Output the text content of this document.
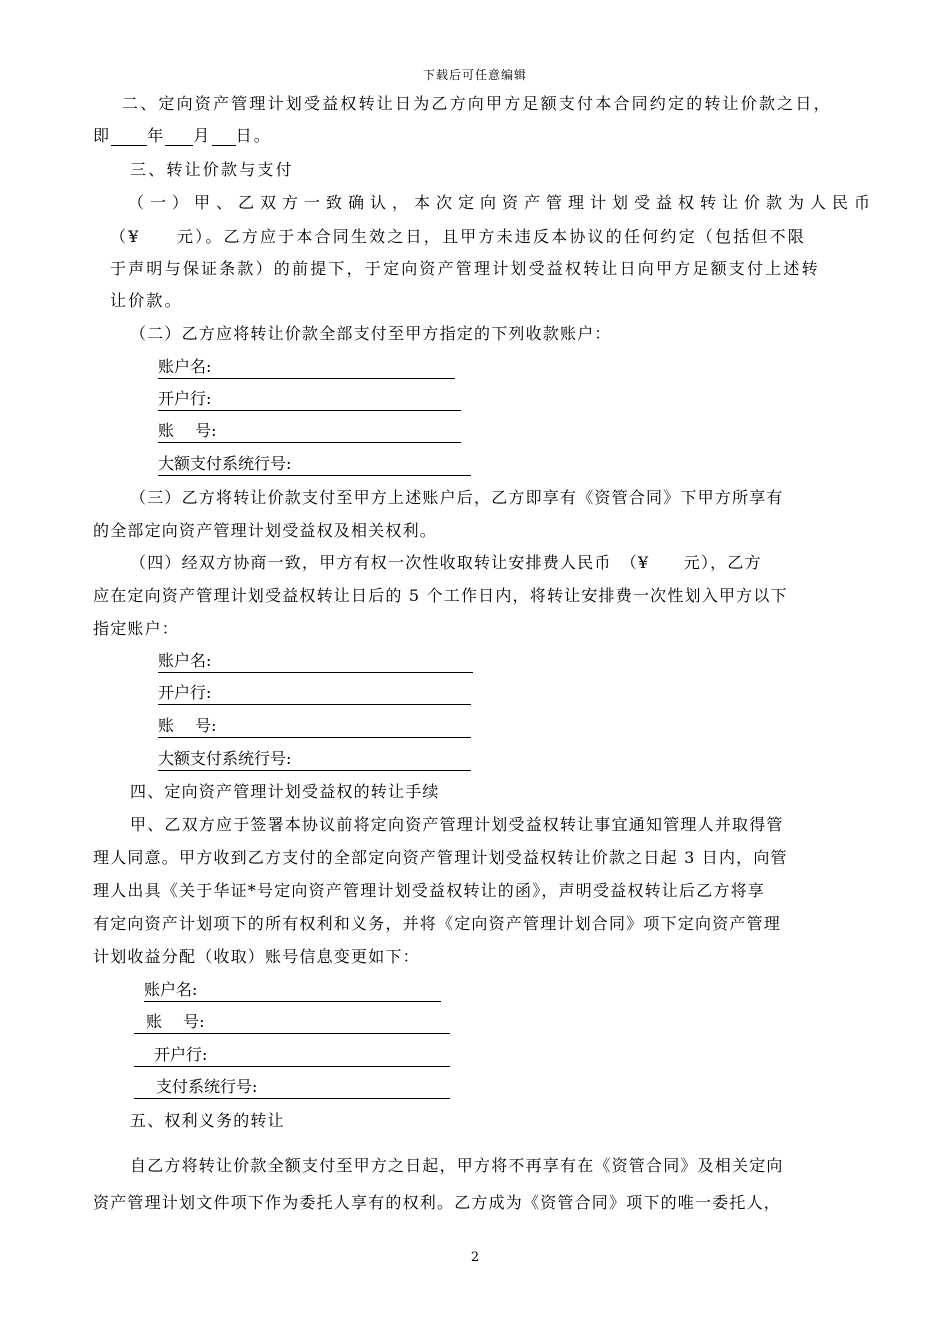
下载后可任意编辑
二、定向资产管理计划受益权转让日为乙方向甲方足额支付本合同约定的转让价款之日，
即 年 月 日。
三、转让价款与支付
（一）甲、乙双方一致确认，本次定向资产管理计划受益权转让价款为人民币
（¥　　元）。乙方应于本合同生效之日，且甲方未违反本协议的任何约定（包括但不限
于声明与保证条款）的前提下，于定向资产管理计划受益权转让日向甲方足额支付上述转
让价款。
（二）乙方应将转让价款全部支付至甲方指定的下列收款账户：
账户名:
开户行:
账　 号:
大额支付系统行号:
（三）乙方将转让价款支付至甲方上述账户后，乙方即享有《资管合同》下甲方所享有
的全部定向资产管理计划受益权及相关权利。
（四）经双方协商一致，甲方有权一次性收取转让安排费人民币　（¥　　元），乙方
应在定向资产管理计划受益权转让日后的 5 个工作日内，将转让安排费一次性划入甲方以下
指定账户：
账户名:
开户行:
账　 号:
大额支付系统行号:
四、定向资产管理计划受益权的转让手续
甲、乙双方应于签署本协议前将定向资产管理计划受益权转让事宜通知管理人并取得管
理人同意。甲方收到乙方支付的全部定向资产管理计划受益权转让价款之日起 3 日内，向管
理人出具《关于华证*号定向资产管理计划受益权转让的函》，声明受益权转让后乙方将享
有定向资产计划项下的所有权利和义务，并将《定向资产管理计划合同》项下定向资产管理
计划收益分配（收取）账号信息变更如下：
账户名:
账　 号:
开户行:
支付系统行号:
五、权利义务的转让
自乙方将转让价款全额支付至甲方之日起，甲方将不再享有在《资管合同》及相关定向
资产管理计划文件项下作为委托人享有的权利。乙方成为《资管合同》项下的唯一委托人，
2
